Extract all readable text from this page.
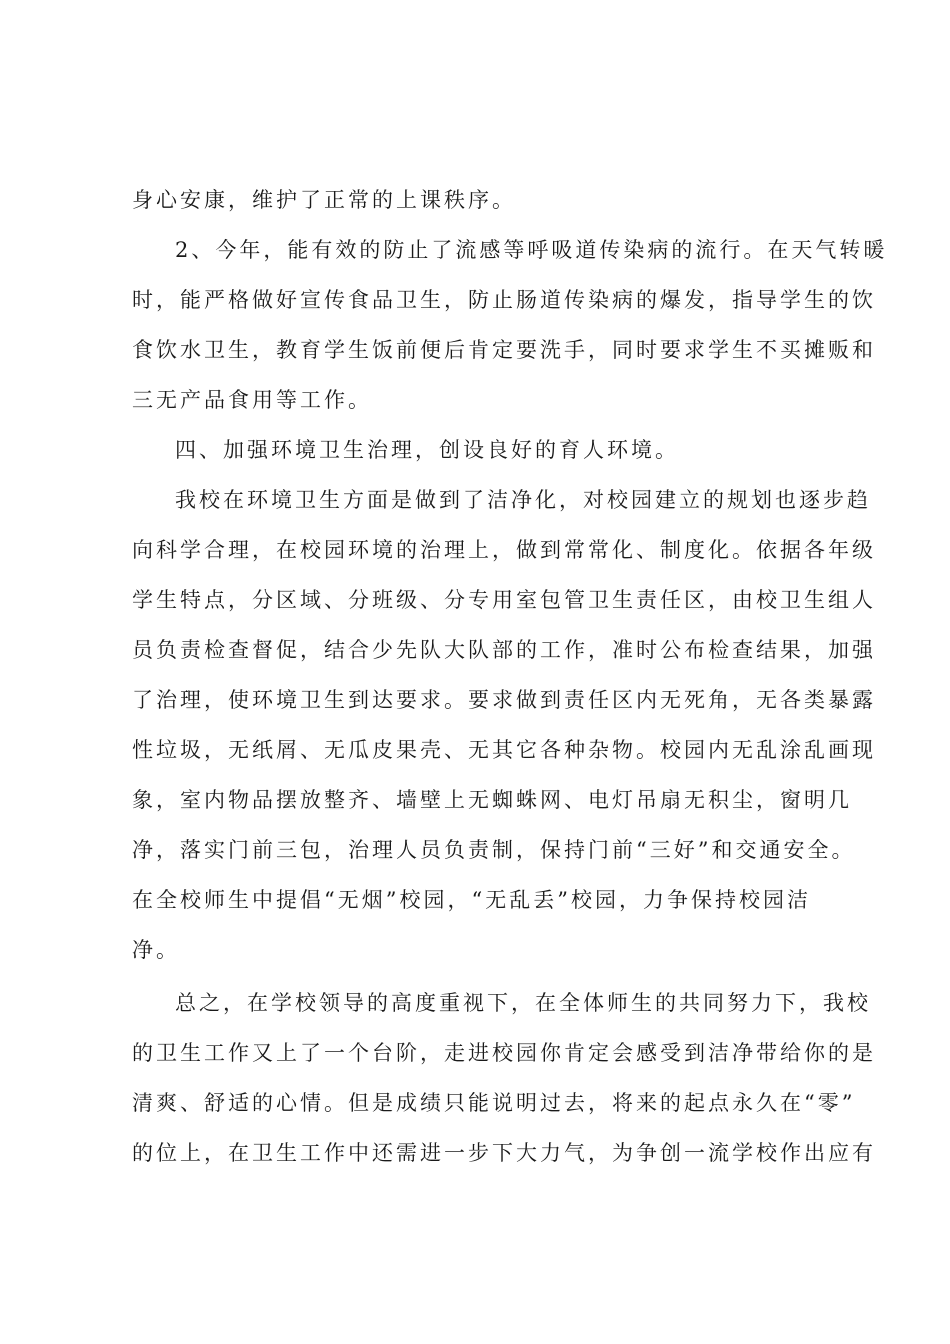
身心安康，维护了正常的上课秩序。
2、今年，能有效的防止了流感等呼吸道传染病的流行。在天气转暖
时，能严格做好宣传食品卫生，防止肠道传染病的爆发，指导学生的饮
食饮水卫生，教育学生饭前便后肯定要洗手，同时要求学生不买摊贩和
三无产品食用等工作。
四、加强环境卫生治理，创设良好的育人环境。
我校在环境卫生方面是做到了洁净化，对校园建立的规划也逐步趋
向科学合理，在校园环境的治理上，做到常常化、制度化。依据各年级
学生特点，分区域、分班级、分专用室包管卫生责任区，由校卫生组人
员负责检查督促，结合少先队大队部的工作，准时公布检查结果，加强
了治理，使环境卫生到达要求。要求做到责任区内无死角，无各类暴露
性垃圾，无纸屑、无瓜皮果壳、无其它各种杂物。校园内无乱涂乱画现
象，室内物品摆放整齐、墙壁上无蜘蛛网、电灯吊扇无积尘，窗明几
净，落实门前三包，治理人员负责制，保持门前“三好”和交通安全。
在全校师生中提倡“无烟”校园，“无乱丢”校园，力争保持校园洁
净。
总之，在学校领导的高度重视下，在全体师生的共同努力下，我校
的卫生工作又上了一个台阶，走进校园你肯定会感受到洁净带给你的是
清爽、舒适的心情。但是成绩只能说明过去，将来的起点永久在“零”
的位上，在卫生工作中还需进一步下大力气，为争创一流学校作出应有
